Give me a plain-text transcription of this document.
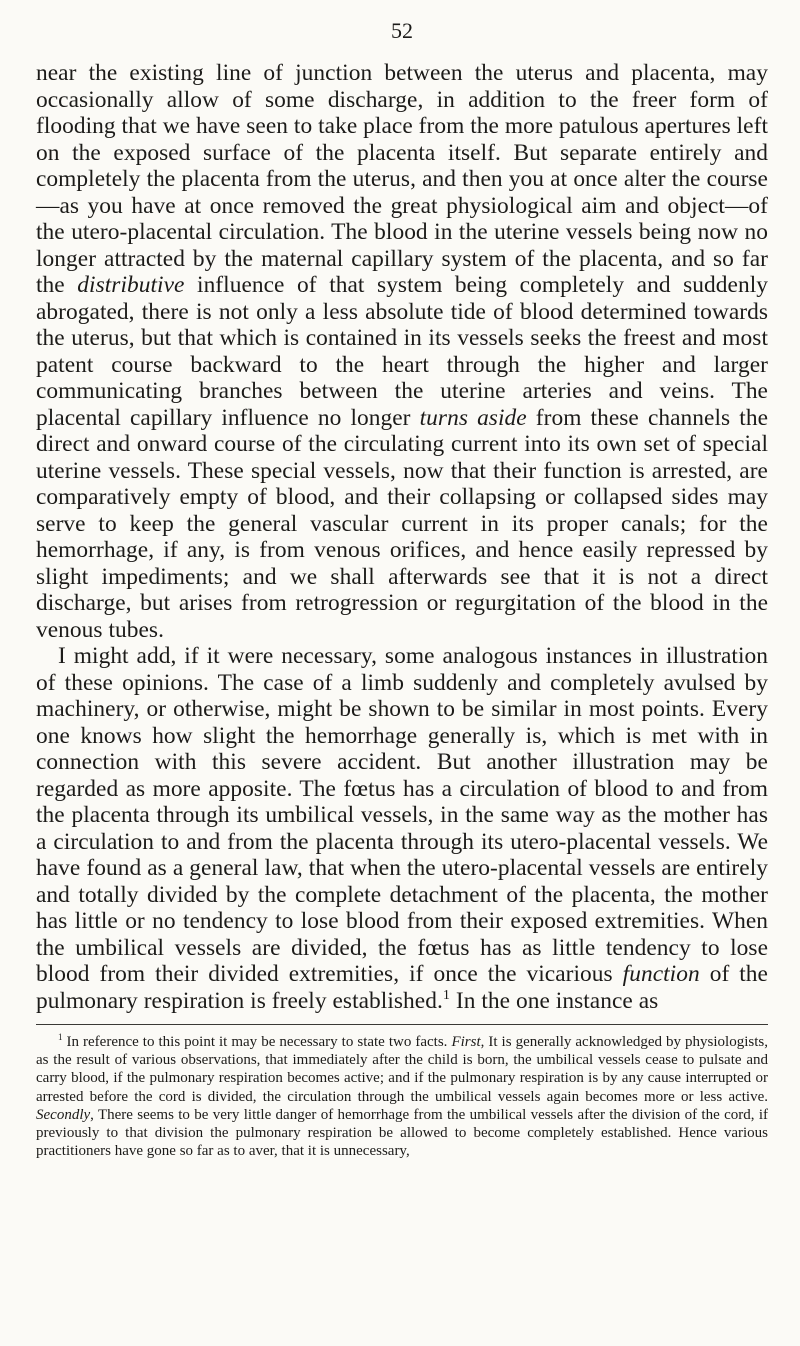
52

near the existing line of junction between the uterus and placenta, may occasionally allow of some discharge, in addition to the freer form of flooding that we have seen to take place from the more patulous apertures left on the exposed surface of the placenta itself. But separate entirely and completely the placenta from the uterus, and then you at once alter the course—as you have at once removed the great physiological aim and object—of the utero-placental circulation. The blood in the uterine vessels being now no longer attracted by the maternal capillary system of the placenta, and so far the distributive influence of that system being completely and suddenly abrogated, there is not only a less absolute tide of blood determined towards the uterus, but that which is contained in its vessels seeks the freest and most patent course backward to the heart through the higher and larger communicating branches between the uterine arteries and veins. The placental capillary influence no longer turns aside from these channels the direct and onward course of the circulating current into its own set of special uterine vessels. These special vessels, now that their function is arrested, are comparatively empty of blood, and their collapsing or collapsed sides may serve to keep the general vascular current in its proper canals; for the hemorrhage, if any, is from venous orifices, and hence easily repressed by slight impediments; and we shall afterwards see that it is not a direct discharge, but arises from retrogression or regurgitation of the blood in the venous tubes.

I might add, if it were necessary, some analogous instances in illustration of these opinions. The case of a limb suddenly and completely avulsed by machinery, or otherwise, might be shown to be similar in most points. Every one knows how slight the hemorrhage generally is, which is met with in connection with this severe accident. But another illustration may be regarded as more apposite. The fœtus has a circulation of blood to and from the placenta through its umbilical vessels, in the same way as the mother has a circulation to and from the placenta through its utero-placental vessels. We have found as a general law, that when the utero-placental vessels are entirely and totally divided by the complete detachment of the placenta, the mother has little or no tendency to lose blood from their exposed extremities. When the umbilical vessels are divided, the fœtus has as little tendency to lose blood from their divided extremities, if once the vicarious function of the pulmonary respiration is freely established.$^1$ In the one instance as

$^1$ In reference to this point it may be necessary to state two facts. First, It is generally acknowledged by physiologists, as the result of various observations, that immediately after the child is born, the umbilical vessels cease to pulsate and carry blood, if the pulmonary respiration becomes active; and if the pulmonary respiration is by any cause interrupted or arrested before the cord is divided, the circulation through the umbilical vessels again becomes more or less active. Secondly, There seems to be very little danger of hemorrhage from the umbilical vessels after the division of the cord, if previously to that division the pulmonary respiration be allowed to become completely established. Hence various practitioners have gone so far as to aver, that it is unnecessary,
